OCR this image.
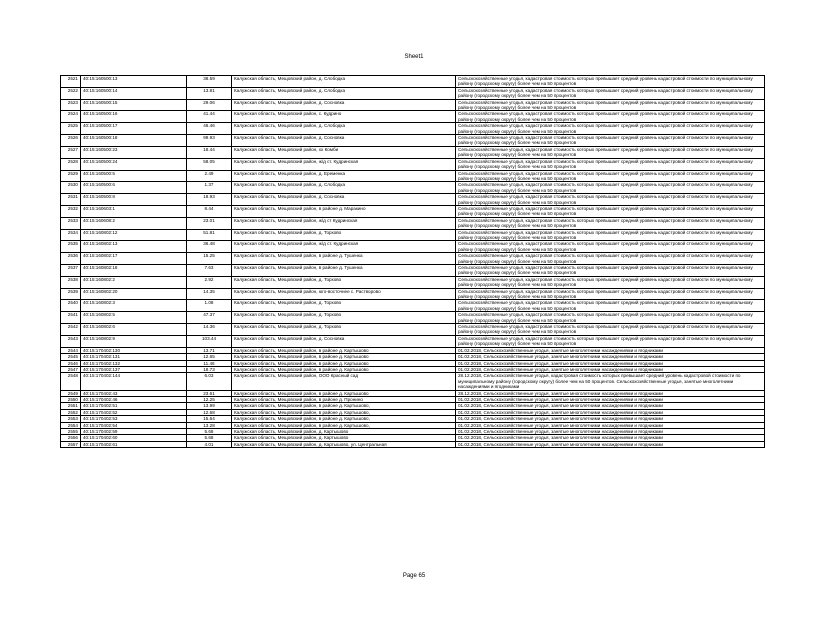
Sheet1
2521	40:15:160500:13	38.59	Калужская область, Мещовский район, д. Слободка	Сельскохозяйственные угодья, кадастровая стоимость которых превышает средний уровень кадастровой стоимости по муниципальному району (городскому округу) более чем на 50 процентов
2522	40:15:160500:14	13.81	Калужская область, Мещовский район, д. Слободка	Сельскохозяйственные угодья, кадастровая стоимость которых превышает средний уровень кадастровой стоимости по муниципальному району (городскому округу) более чем на 50 процентов
2523	40:15:160500:15	29.06	Калужская область, Мещовский район, д. Сосновка	Сельскохозяйственные угодья, кадастровая стоимость которых превышает средний уровень кадастровой стоимости по муниципальному району (городскому округу) более чем на 50 процентов
2524	40:15:160500:16	41.44	Калужская область, Мещовский район, с. Кудрино	Сельскохозяйственные угодья, кадастровая стоимость которых превышает средний уровень кадастровой стоимости по муниципальному району (городскому округу) более чем на 50 процентов
2525	40:15:160500:17	46.46	Калужская область, Мещовский район, д. Слободка	Сельскохозяйственные угодья, кадастровая стоимость которых превышает средний уровень кадастровой стоимости по муниципальному району (городскому округу) более чем на 50 процентов
2526	40:15:160500:18	99.93	Калужская область, Мещовский район, д. Сосновка	Сельскохозяйственные угодья, кадастровая стоимость которых превышает средний уровень кадастровой стоимости по муниципальному району (городскому округу) более чем на 50 процентов
2527	40:15:160500:23	18.44	Калужская область, Мещовский район, хх Комби	Сельскохозяйственные угодья, кадастровая стоимость которых превышает средний уровень кадастровой стоимости по муниципальному району (городскому округу) более чем на 50 процентов
2528	40:15:160500:24	58.05	Калужская область, Мещовский район, ж/д ст. Кудринская	Сельскохозяйственные угодья, кадастровая стоимость которых превышает средний уровень кадастровой стоимости по муниципальному району (городскому округу) более чем на 50 процентов
2529	40:15:160500:5	2.49	Калужская область, Мещовский район, д. Еременка	Сельскохозяйственные угодья, кадастровая стоимость которых превышает средний уровень кадастровой стоимости по муниципальному району (городскому округу) более чем на 50 процентов
2530	40:15:160500:6	1.37	Калужская область, Мещовский район, д. Слободка	Сельскохозяйственные угодья, кадастровая стоимость которых превышает средний уровень кадастровой стоимости по муниципальному району (городскому округу) более чем на 50 процентов
2531	40:15:160500:8	18.93	Калужская область, Мещовский район, д. Сосновка	Сельскохозяйственные угодья, кадастровая стоимость которых превышает средний уровень кадастровой стоимости по муниципальному району (городскому округу) более чем на 50 процентов
2532	40:15:160603:1	8.44	Калужская область, Мещовский район, в районе д. Маракино	Сельскохозяйственные угодья, кадастровая стоимость которых превышает средний уровень кадастровой стоимости по муниципальному району (городскому округу) более чем на 50 процентов
2533	40:15:160608:2	23.01	Калужская область, Мещовский район, ж/д ст Кудринская	Сельскохозяйственные угодья, кадастровая стоимость которых превышает средний уровень кадастровой стоимости по муниципальному району (городскому округу) более чем на 50 процентов
2534	40:15:160802:12	51.81	Калужская область, Мещовский район, д. Торхово	Сельскохозяйственные угодья, кадастровая стоимость которых превышает средний уровень кадастровой стоимости по муниципальному району (городскому округу) более чем на 50 процентов
2535	40:15:160802:13	36.48	Калужская область, Мещовский район, ж/д ст. Кудринская	Сельскохозяйственные угодья, кадастровая стоимость которых превышает средний уровень кадастровой стоимости по муниципальному району (городскому округу) более чем на 50 процентов
2536	40:15:160802:17	15.25	Калужская область, Мещовский район, в районе д. Тушенка	Сельскохозяйственные угодья, кадастровая стоимость которых превышает средний уровень кадастровой стоимости по муниципальному району (городскому округу) более чем на 50 процентов
2537	40:15:160802:18	7.63	Калужская область, Мещовский район, в районе д. Тушенка	Сельскохозяйственные угодья, кадастровая стоимость которых превышает средний уровень кадастровой стоимости по муниципальному району (городскому округу) более чем на 50 процентов
2538	40:15:160802:2	2.92	Калужская область, Мещовский район, д. Торхово	Сельскохозяйственные угодья, кадастровая стоимость которых превышает средний уровень кадастровой стоимости по муниципальному району (городскому округу) более чем на 50 процентов
2539	40:15:160802:20	14.35	Калужская область, Мещовский район, юго-восточнее с. Растворово	Сельскохозяйственные угодья, кадастровая стоимость которых превышает средний уровень кадастровой стоимости по муниципальному району (городскому округу) более чем на 50 процентов
2540	40:15:160802:3	1.08	Калужская область, Мещовский район, д. Торхово	Сельскохозяйственные угодья, кадастровая стоимость которых превышает средний уровень кадастровой стоимости по муниципальному району (городскому округу) более чем на 50 процентов
2541	40:15:160802:5	47.37	Калужская область, Мещовский район, д. Торхово	Сельскохозяйственные угодья, кадастровая стоимость которых превышает средний уровень кадастровой стоимости по муниципальному району (городскому округу) более чем на 50 процентов
2542	40:15:160802:6	14.36	Калужская область, Мещовский район, д. Торхово	Сельскохозяйственные угодья, кадастровая стоимость которых превышает средний уровень кадастровой стоимости по муниципальному району (городскому округу) более чем на 50 процентов
2543	40:15:160802:9	103.44	Калужская область, Мещовский район, д. Сосновка	Сельскохозяйственные угодья, кадастровая стоимость которых превышает средний уровень кадастровой стоимости по муниципальному району (городскому округу) более чем на 50 процентов
2544	40:15:170402:130	13.71	Калужская область, Мещовский район, в районе д. Картышово	01.02.2018, Сельскохозяйственные угодья, занятые многолетними насаждениями и ягодниками
2545	40:15:170402:131	12.65	Калужская область, Мещовский район, в районе д. Картышово	01.02.2018, Сельскохозяйственные угодья, занятые многолетними насаждениями и ягодниками
2546	40:15:170402:132	11.46	Калужская область, Мещовский район, в районе д. Картышово	01.02.2018, Сельскохозяйственные угодья, занятые многолетними насаждениями и ягодниками
2547	40:15:170402:137	18.73	Калужская область, Мещовский район, в районе д. Картышово	01.02.2018, Сельскохозяйственные угодья, занятые многолетними насаждениями и ягодниками
2548	40:15:170402:144	6.03	Калужская область, Мещовский район, ООО Красный сад	28.12.2018, Сельскохозяйственные угодья, кадастровая стоимость которых превышает средний уровень кадастровой стоимости по муниципальному району (городскому округу) более чем на 50 процентов. Сельскохозяйственные угодья, занятые многолетними насаждениями и ягодниками
2549	40:15:170402:43	23.61	Калужская область, Мещовский район, в районе д. Картышово	28.12.2018, Сельскохозяйственные угодья, занятые многолетними насаждениями и ягодниками
2550	40:15:170402:46	12.25	Калужская область, Мещовский район, в районе д. Пронино	01.02.2018, Сельскохозяйственные угодья, занятые многолетними насаждениями и ягодниками
2551	40:15:170402:51	13.99	Калужская область, Мещовский район, в районе д. Картышово,	01.02.2018, Сельскохозяйственные угодья, занятые многолетними насаждениями и ягодниками
2552	40:15:170402:52	12.68	Калужская область, Мещовский район, в районе д. Картышово,	01.02.2018, Сельскохозяйственные угодья, занятые многолетними насаждениями и ягодниками
2553	40:15:170402:53	15.64	Калужская область, Мещовский район, в районе д. Картышово,	01.02.2018, Сельскохозяйственные угодья, занятые многолетними насаждениями и ягодниками
2554	40:15:170402:54	13.28	Калужская область, Мещовский район, в районе д. Картышово,	01.02.2018, Сельскохозяйственные угодья, занятые многолетними насаждениями и ягодниками
2555	40:15:170402:59	5.68	Калужская область, Мещовский район, д. Картышово	01.02.2018, Сельскохозяйственные угодья, занятые многолетними насаждениями и ягодниками
2556	40:15:170402:60	5.68	Калужская область, Мещовский район, д. Картышово	01.02.2018, Сельскохозяйственные угодья, занятые многолетними насаждениями и ягодниками
2557	40:15:170402:61	4.01	Калужская область, Мещовский район, д. Картышово, ул. Центральная	01.02.2018, Сельскохозяйственные угодья, занятые многолетними насаждениями и ягодниками
Page 65
